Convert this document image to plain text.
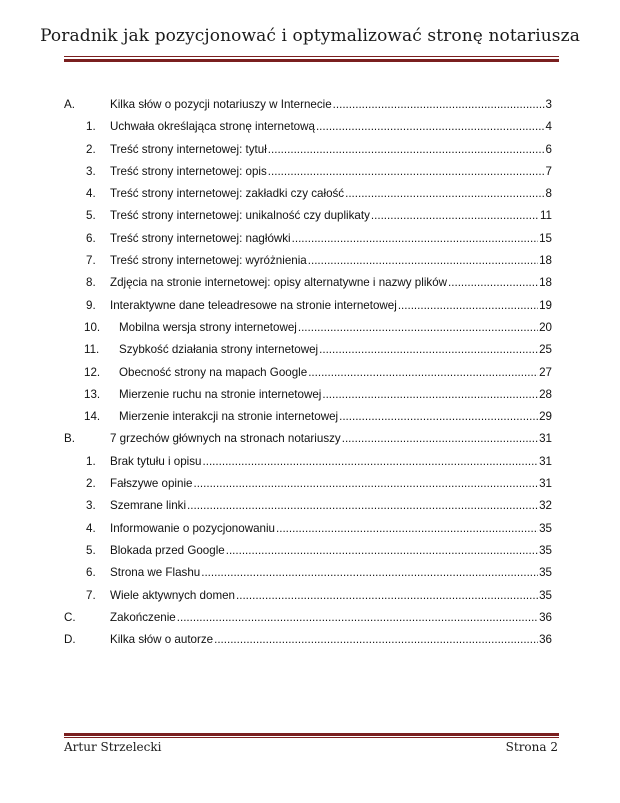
Poradnik jak pozycjonować i optymalizować stronę notariusza
A.	Kilka słów o pozycji notariuszy w Internecie .....	3
1. Uchwała określająca stronę internetową .....	4
2. Treść strony internetowej: tytuł .....	6
3. Treść strony internetowej: opis .....	7
4. Treść strony internetowej: zakładki czy całość .....	8
5. Treść strony internetowej: unikalność czy duplikaty .....	11
6. Treść strony internetowej: nagłówki .....	15
7. Treść strony internetowej: wyróżnienia .....	18
8. Zdjęcia na stronie internetowej: opisy alternatywne i nazwy plików .....	18
9. Interaktywne dane teleadresowe na stronie internetowej .....	19
10. Mobilna wersja strony internetowej .....	20
11. Szybkość działania strony internetowej .....	25
12. Obecność strony na mapach Google .....	27
13. Mierzenie ruchu na stronie internetowej .....	28
14. Mierzenie interakcji na stronie internetowej .....	29
B.	7 grzechów głównych na stronach notariuszy .....	31
1. Brak tytułu i opisu .....	31
2. Fałszywe opinie .....	31
3. Szemrane linki .....	32
4. Informowanie o pozycjonowaniu .....	35
5. Blokada przed Google .....	35
6. Strona we Flashu .....	35
7. Wiele aktywnych domen .....	35
C.	Zakończenie .....	36
D.	Kilka słów o autorze .....	36
Artur Strzelecki	Strona 2
